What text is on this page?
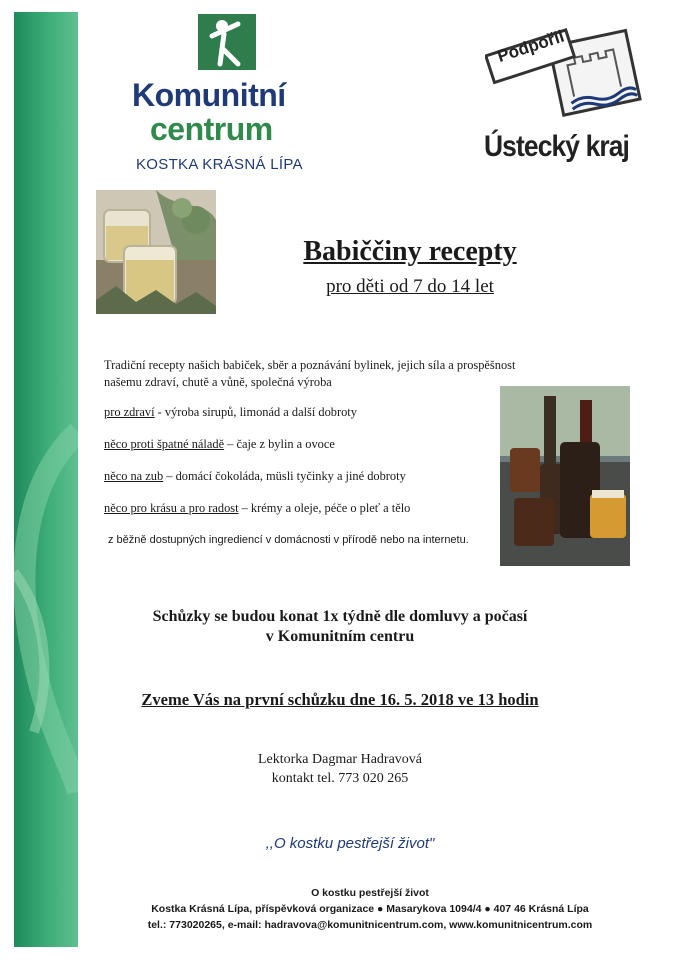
Komunitní
centrum
KOSTKA KRÁSNÁ LÍPA
Podpořil
Ústecký kraj
Babiččiny recepty
pro děti od 7 do 14 let
Tradiční recepty našich babiček, sběr a poznávání bylinek, jejich síla a prospěšnost
našemu zdraví, chutě a vůně, společná výroba
pro zdraví - výroba sirupů, limonád a další dobroty
něco proti špatné náladě – čaje z bylin a ovoce
něco na zub – domácí čokoláda, müsli tyčinky a jiné dobroty
něco pro krásu a pro radost – krémy a oleje, péče o pleť a tělo
z běžně dostupných ingrediencí v domácnosti v přírodě nebo na internetu.
Schůzky se budou konat 1x týdně dle domluvy a počasí
v Komunitním centru
Zveme Vás na první schůzku dne 16. 5. 2018 ve 13 hodin
Lektorka Dagmar Hadravová
kontakt tel. 773 020 265
,,O kostku pestřejší život"
O kostku pestřejší život
Kostka Krásná Lípa, příspěvková organizace ● Masarykova 1094/4 ● 407 46 Krásná Lípa
tel.: 773020265, e-mail: hadravova@komunitnicentrum.com, www.komunitnicentrum.com
